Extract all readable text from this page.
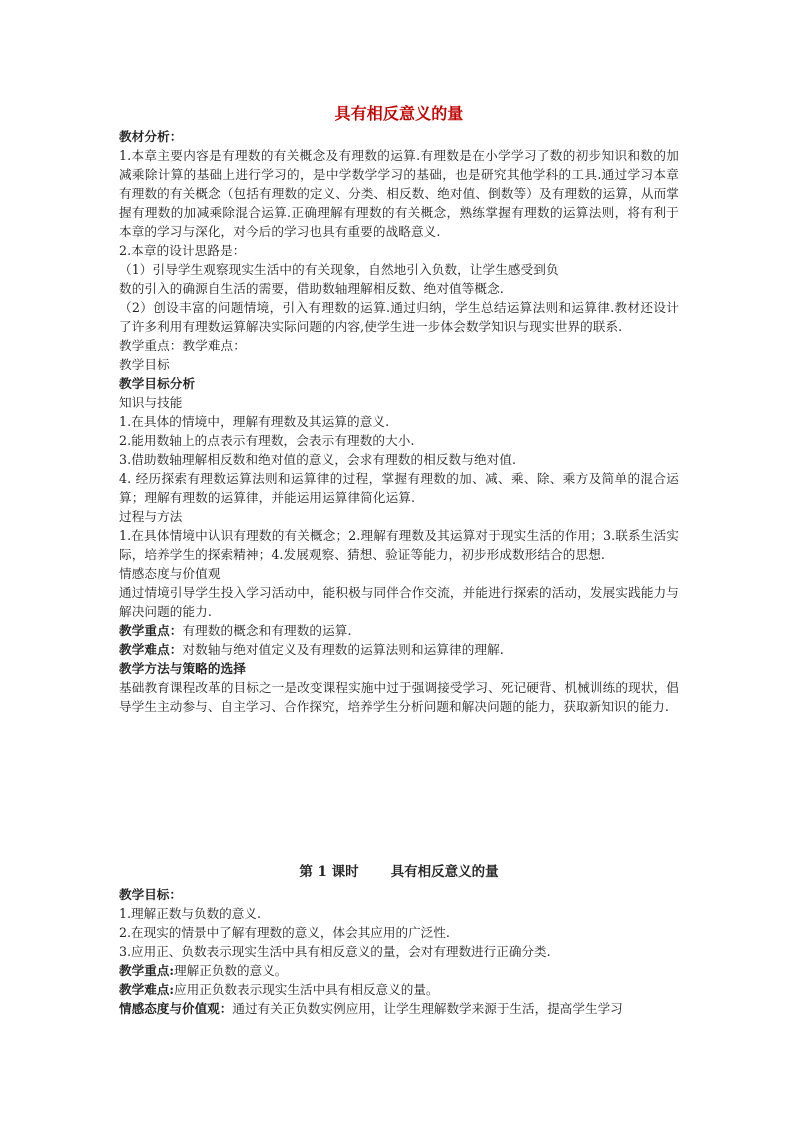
具有相反意义的量
教材分析：
1.本章主要内容是有理数的有关概念及有理数的运算.有理数是在小学学习了数的初步知识和数的加减乘除计算的基础上进行学习的，是中学数学学习的基础，也是研究其他学科的工具.通过学习本章有理数的有关概念（包括有理数的定义、分类、相反数、绝对值、倒数等）及有理数的运算，从而掌握有理数的加减乘除混合运算.正确理解有理数的有关概念，熟练掌握有理数的运算法则，将有利于本章的学习与深化，对今后的学习也具有重要的战略意义.
2.本章的设计思路是：
（1）引导学生观察现实生活中的有关现象，自然地引入负数，让学生感受到负
数的引入的确源自生活的需要，借助数轴理解相反数、绝对值等概念.
（2）创设丰富的问题情境，引入有理数的运算.通过归纳，学生总结运算法则和运算律.教材还设计了许多利用有理数运算解决实际问题的内容,使学生进一步体会数学知识与现实世界的联系.
教学重点：教学难点：
教学目标
教学目标分析
知识与技能
1.在具体的情境中，理解有理数及其运算的意义.
2.能用数轴上的点表示有理数，会表示有理数的大小.
3.借助数轴理解相反数和绝对值的意义，会求有理数的相反数与绝对值.
4. 经历探索有理数运算法则和运算律的过程，掌握有理数的加、减、乘、除、乘方及简单的混合运算；理解有理数的运算律，并能运用运算律简化运算.
过程与方法
1.在具体情境中认识有理数的有关概念；2.理解有理数及其运算对于现实生活的作用；3.联系生活实际，培养学生的探索精神；4.发展观察、猜想、验证等能力，初步形成数形结合的思想.
情感态度与价值观
通过情境引导学生投入学习活动中，能积极与同伴合作交流，并能进行探索的活动，发展实践能力与解决问题的能力.
教学重点：有理数的概念和有理数的运算.
教学难点：对数轴与绝对值定义及有理数的运算法则和运算律的理解.
教学方法与策略的选择
基础教育课程改革的目标之一是改变课程实施中过于强调接受学习、死记硬背、机械训练的现状，倡导学生主动参与、自主学习、合作探究，培养学生分析问题和解决问题的能力，获取新知识的能力.
第 1 课时 具有相反意义的量
教学目标：
1.理解正数与负数的意义.
2.在现实的情景中了解有理数的意义，体会其应用的广泛性.
3.应用正、负数表示现实生活中具有相反意义的量，会对有理数进行正确分类.
教学重点:理解正负数的意义。
教学难点:应用正负数表示现实生活中具有相反意义的量。
情感态度与价值观：通过有关正负数实例应用，让学生理解数学来源于生活，提高学生学习
